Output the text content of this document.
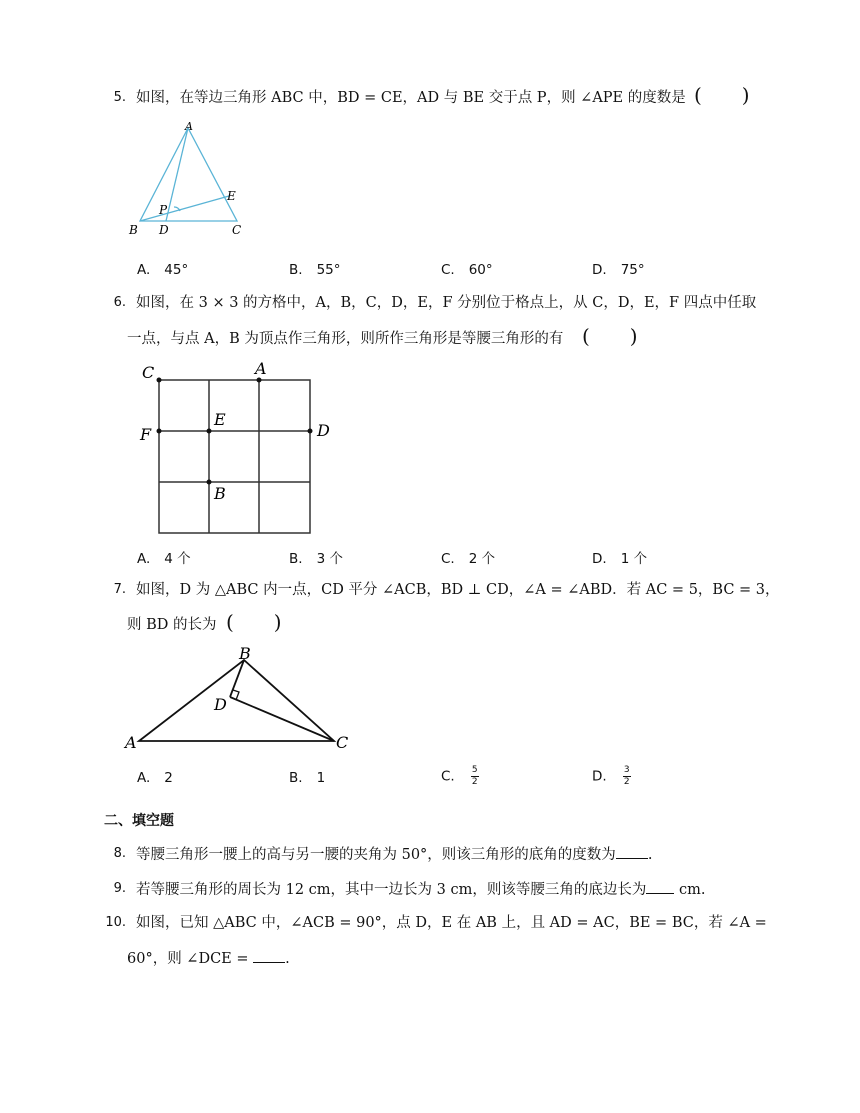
5. 如图，在等边三角形 ABC 中，BD = CE，AD 与 BE 交于点 P，则 ∠APE 的度数是 (　　)
A
B D	C
E
P
A. 45°	B. 55°	C. 60°	D. 75°
6. 如图，在 3 × 3 的方格中，A，B，C，D，E，F 分别位于格点上，从 C，D，E，F 四点中任取
一点，与点 A，B 为顶点作三角形，则所作三角形是等腰三角形的有 (　　)
C	A
F
E
D
B
A. 4 个	B. 3 个	C. 2 个	D. 1 个
7. 如图，D 为 △ABC 内一点，CD 平分 ∠ACB，BD ⊥ CD，∠A = ∠ABD．若 AC = 5，BC = 3，
则 BD 的长为 (　　)
B
D
A	C
A. 2	B. 1	C. $\frac{5}{2}$	D. $\frac{3}{2}$
二、填空题
8. 等腰三角形一腰上的高与另一腰的夹角为 50°，则该三角形的底角的度数为 .
9. 若等腰三角形的周长为 12 cm，其中一边长为 3 cm，则该等腰三角的底边长为 cm.
10. 如图，已知 △ABC 中，∠ACB = 90°，点 D，E 在 AB 上，且 AD = AC，BE = BC，若 ∠A =
60°，则 ∠DCE =	.
